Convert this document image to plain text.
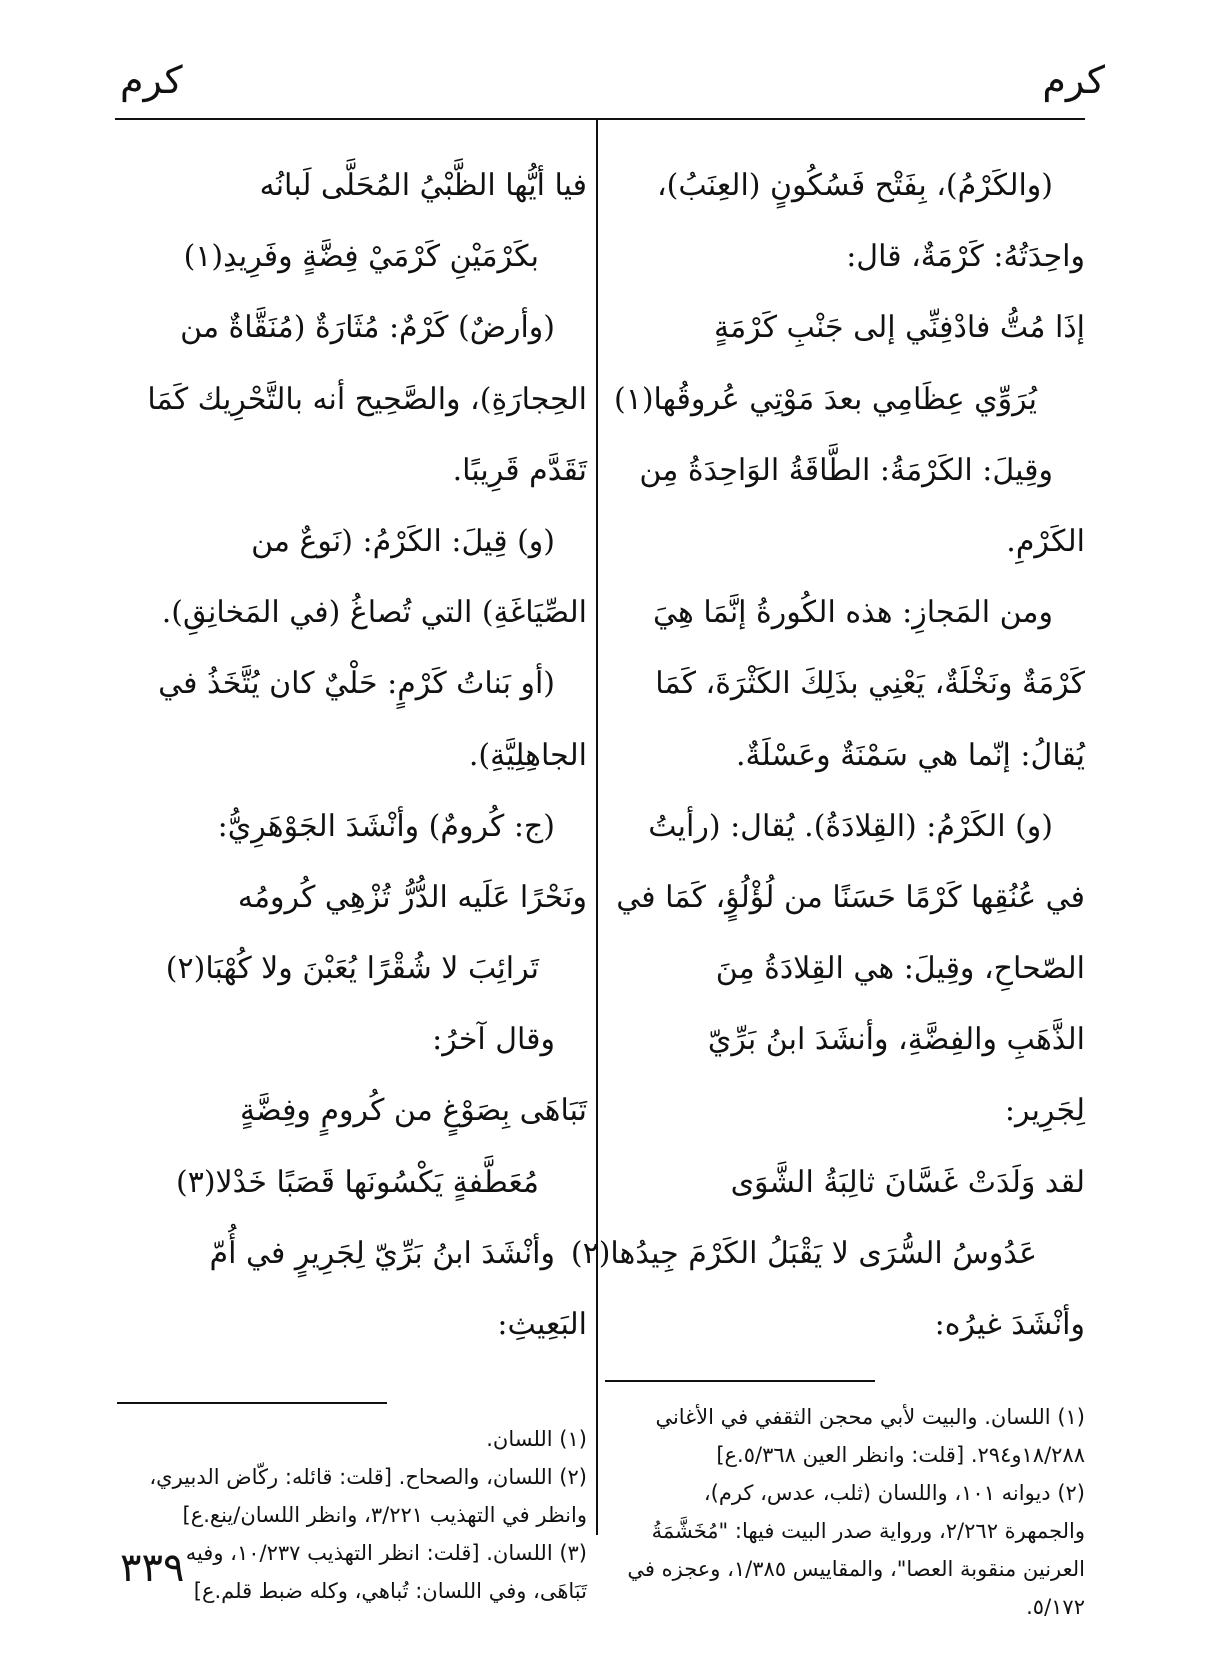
كرم
كرم
(والكَرْمُ)، بِفَتْح فَسُكُونٍ (العِنَبُ)،
واحِدَتُهُ: كَرْمَةٌ، قال:
إذَا مُتُّ فادْفِنِّي إلى جَنْبِ كَرْمَةٍ
يُرَوِّي عِظَامِي بعدَ مَوْتِي عُروقُها(١)
وقِيلَ: الكَرْمَةُ: الطَّاقَةُ الوَاحِدَةُ مِن
الكَرْمِ.
ومن المَجازِ: هذه الكُورةُ إنَّمَا هِيَ
كَرْمَةٌ ونَخْلَةٌ، يَعْنِي بذَلِكَ الكَثْرَةَ، كَمَا
يُقالُ: إنّما هي سَمْنَةٌ وعَسْلَةٌ.
(و) الكَرْمُ: (القِلادَةُ). يُقال: (رأيتُ
في عُنُقِها كَرْمًا حَسَنًا من لُؤْلُؤٍ، كَمَا في
الصّحاحِ، وقِيلَ: هي القِلادَةُ مِنَ
الذَّهَبِ والفِضَّةِ، وأنشَدَ ابنُ بَرِّيّ
لِجَرِير:
لقد وَلَدَتْ غَسَّانَ ثالِبَةُ الشَّوَى
عَدُوسُ السُّرَى لا يَقْبَلُ الكَرْمَ جِيدُها(٢)
وأنْشَدَ غيرُه:
(١) اللسان. والبيت لأبي محجن الثقفي في الأغاني
١٨/٢٨٨و٢٩٤. [قلت: وانظر العين ٥/٣٦٨.ع]
(٢) ديوانه ١٠١، واللسان (ثلب، عدس، كرم)،
والجمهرة ٢/٢٦٢، ورواية صدر البيت فيها: "مُخَشَّمَةُ
العرنين منقوبة العصا"، والمقاييس ١/٣٨٥، وعجزه في
٥/١٧٢.
فيا أيُّها الظَّبْيُ المُحَلَّى لَبانُه
بكَرْمَيْنِ كَرْمَيْ فِضَّةٍ وفَرِيدِ(١)
(وأرضٌ) كَرْمٌ: مُثَارَةٌ (مُنَقَّاةٌ من
الحِجارَةِ)، والصَّحِيح أنه بالتَّحْرِيك كَمَا
تَقَدَّم قَرِيبًا.
(و) قِيلَ: الكَرْمُ: (نَوعٌ من
الصِّيَاغَةِ) التي تُصاغُ (في المَخانِقِ).
(أو بَناتُ كَرْمٍ: حَلْيٌ كان يُتَّخَذُ في
الجاهِلِيَّةِ).
(ج: كُرومٌ) وأنْشَدَ الجَوْهَرِيُّ:
ونَحْرًا عَلَيه الدُّرُّ تُزْهِي كُرومُه
تَرائِبَ لا شُقْرًا يُعَبْنَ ولا كُهْبَا(٢)
وقال آخرُ:
تَبَاهَى بِصَوْغٍ من كُرومٍ وفِضَّةٍ
مُعَطَّفةٍ يَكْسُونَها قَصَبًا خَدْلا(٣)
وأنْشَدَ ابنُ بَرِّيّ لِجَرِيرٍ في أُمّ
البَعِيثِ:
(١) اللسان.
(٢) اللسان، والصحاح. [قلت: قائله: ركّاض الدبيري،
وانظر في التهذيب ٣/٢٢١، وانظر اللسان/ينع.ع]
(٣) اللسان. [قلت: انظر التهذيب ١٠/٢٣٧، وفيه
تَبَاهَى، وفي اللسان: تُباهي، وكله ضبط قلم.ع]
٣٣٩
